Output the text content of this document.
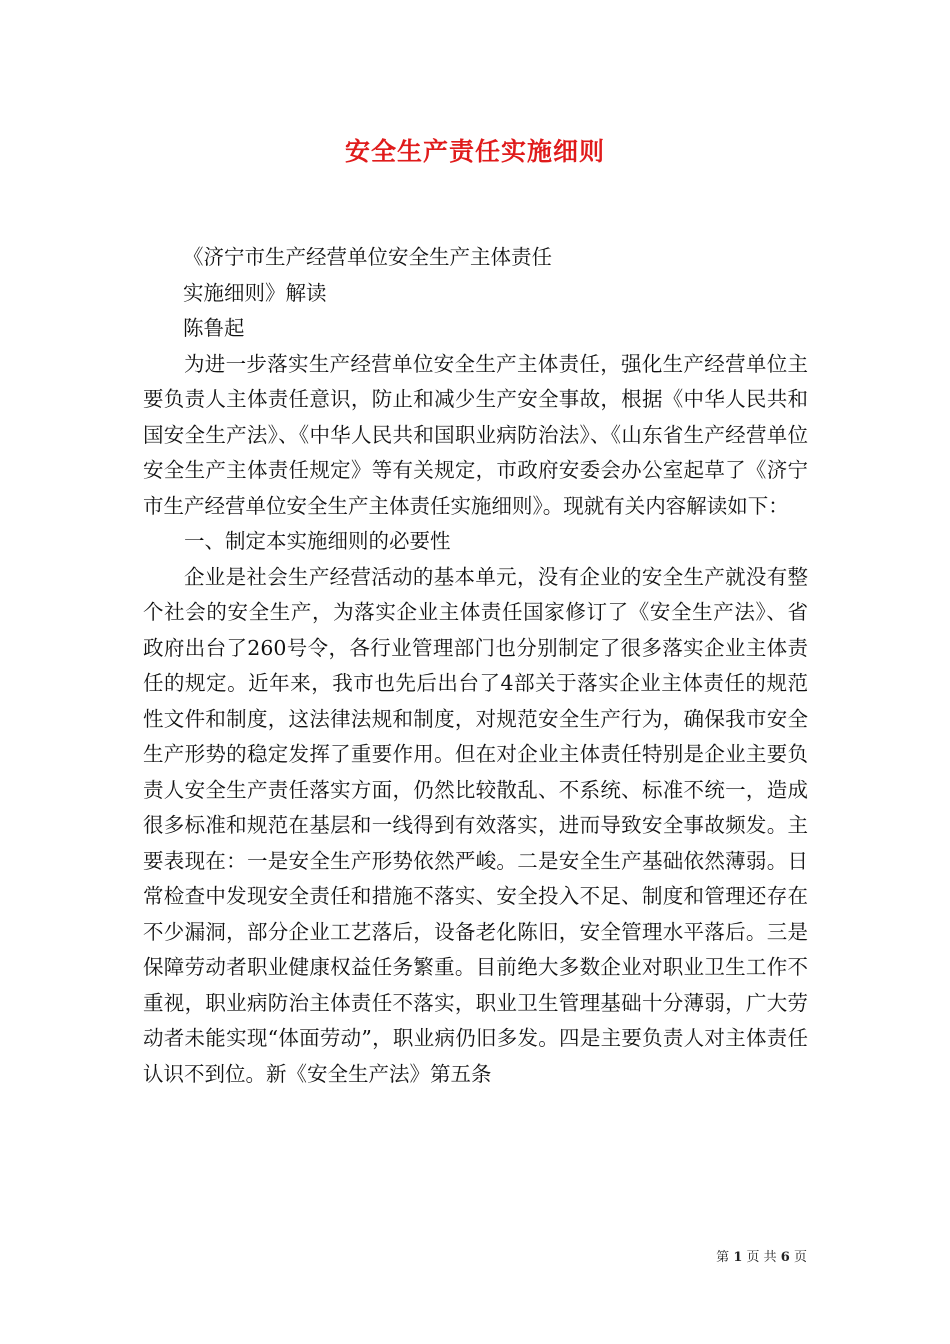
安全生产责任实施细则

《济宁市生产经营单位安全生产主体责任

实施细则》解读

陈鲁起

为进一步落实生产经营单位安全生产主体责任，强化生产经营单位主要负责人主体责任意识，防止和减少生产安全事故，根据《中华人民共和国安全生产法》、《中华人民共和国职业病防治法》、《山东省生产经营单位安全生产主体责任规定》等有关规定，市政府安委会办公室起草了《济宁市生产经营单位安全生产主体责任实施细则》。现就有关内容解读如下：

一、制定本实施细则的必要性

企业是社会生产经营活动的基本单元，没有企业的安全生产就没有整个社会的安全生产，为落实企业主体责任国家修订了《安全生产法》、省政府出台了260号令，各行业管理部门也分别制定了很多落实企业主体责任的规定。近年来，我市也先后出台了4部关于落实企业主体责任的规范性文件和制度，这法律法规和制度，对规范安全生产行为，确保我市安全生产形势的稳定发挥了重要作用。但在对企业主体责任特别是企业主要负责人安全生产责任落实方面，仍然比较散乱、不系统、标准不统一，造成很多标准和规范在基层和一线得到有效落实，进而导致安全事故频发。主要表现在：一是安全生产形势依然严峻。二是安全生产基础依然薄弱。日常检查中发现安全责任和措施不落实、安全投入不足、制度和管理还存在不少漏洞，部分企业工艺落后，设备老化陈旧，安全管理水平落后。三是保障劳动者职业健康权益任务繁重。目前绝大多数企业对职业卫生工作不重视，职业病防治主体责任不落实，职业卫生管理基础十分薄弱，广大劳动者未能实现“体面劳动”，职业病仍旧多发。四是主要负责人对主体责任认识不到位。新《安全生产法》第五条

第 1 页 共 6 页
